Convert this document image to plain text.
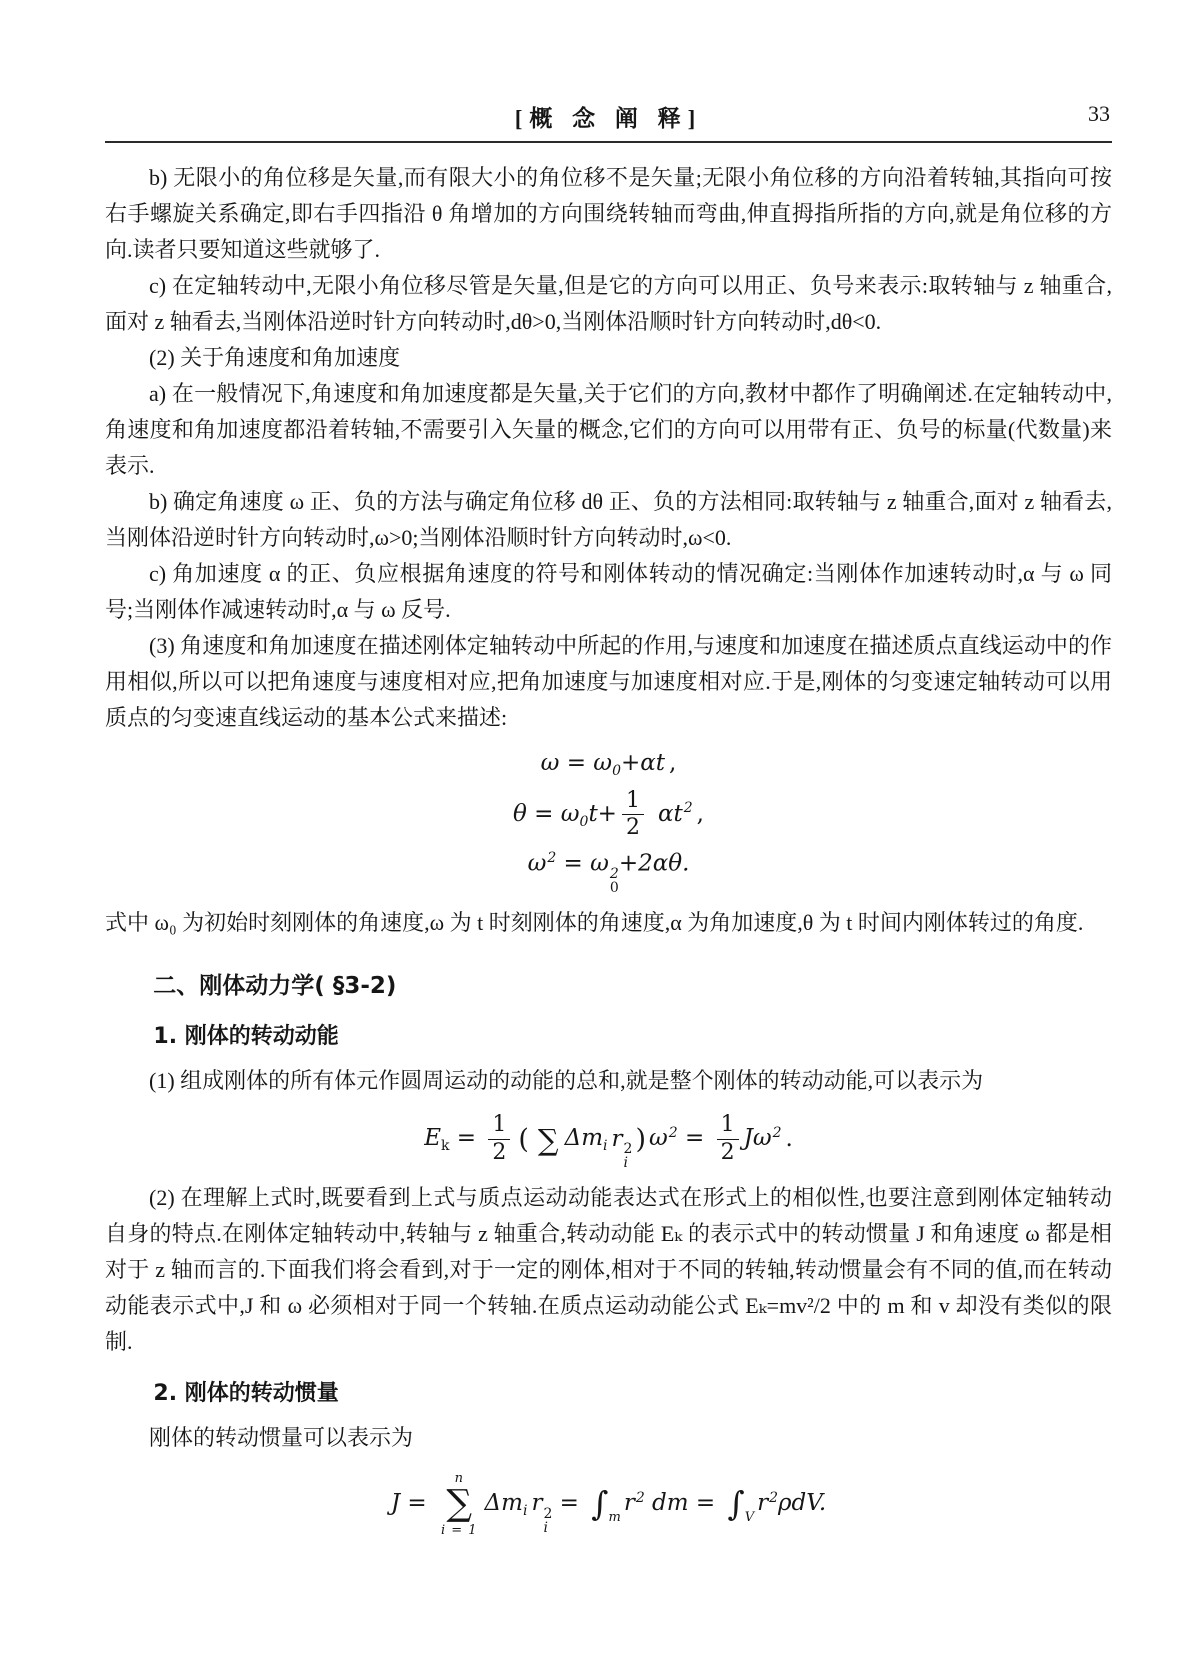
[概 念 阐 释]	33

b) 无限小的角位移是矢量,而有限大小的角位移不是矢量;无限小角位移的方向沿着转轴,其指向可按右手螺旋关系确定,即右手四指沿 θ 角增加的方向围绕转轴而弯曲,伸直拇指所指的方向,就是角位移的方向.读者只要知道这些就够了.

c) 在定轴转动中,无限小角位移尽管是矢量,但是它的方向可以用正、负号来表示:取转轴与 z 轴重合,面对 z 轴看去,当刚体沿逆时针方向转动时,dθ>0,当刚体沿顺时针方向转动时,dθ<0.

(2) 关于角速度和角加速度

a) 在一般情况下,角速度和角加速度都是矢量,关于它们的方向,教材中都作了明确阐述.在定轴转动中,角速度和角加速度都沿着转轴,不需要引入矢量的概念,它们的方向可以用带有正、负号的标量(代数量)来表示.

b) 确定角速度 ω 正、负的方法与确定角位移 dθ 正、负的方法相同:取转轴与 z 轴重合,面对 z 轴看去,当刚体沿逆时针方向转动时,ω>0;当刚体沿顺时针方向转动时,ω<0.

c) 角加速度 α 的正、负应根据角速度的符号和刚体转动的情况确定:当刚体作加速转动时,α 与 ω 同号;当刚体作减速转动时,α 与 ω 反号.

(3) 角速度和角加速度在描述刚体定轴转动中所起的作用,与速度和加速度在描述质点直线运动中的作用相似,所以可以把角速度与速度相对应,把角加速度与加速度相对应.于是,刚体的匀变速定轴转动可以用质点的匀变速直线运动的基本公式来描述:

$\omega = \omega_0+\alpha t$ ,
$\theta = \omega_0t+ \frac{1}{2} \alpha t^2$ ,
$\omega^2 = \omega$ 2
0
+2αθ.

式中 ω₀ 为初始时刻刚体的角速度,ω 为 t 时刻刚体的角速度,α 为角加速度,θ 为 t 时间内刚体转过的角度.

二、刚体动力学( §3-2)
1. 刚体的转动动能

(1) 组成刚体的所有体元作圆周运动的动能的总和,就是整个刚体的转动动能,可以表示为

$E_k = \frac{1}{2}$ ( ∑ $\Delta m_i$ r 2
i
) $\omega^2 = \frac{1}{2} J\omega^2$ .

(2) 在理解上式时,既要看到上式与质点运动动能表达式在形式上的相似性,也要注意到刚体定轴转动自身的特点.在刚体定轴转动中,转轴与 z 轴重合,转动动能 Eₖ 的表示式中的转动惯量 J 和角速度 ω 都是相对于 z 轴而言的.下面我们将会看到,对于一定的刚体,相对于不同的转轴,转动惯量会有不同的值,而在转动动能表示式中,J 和 ω 必须相对于同一个转轴.在质点运动动能公式 Eₖ=mv²/2 中的 m 和 v 却没有类似的限制.

2. 刚体的转动惯量

刚体的转动惯量可以表示为

J =
n
∑
i = 1
$\Delta m_i$ r 2
i
= $\int_mr^2$ dm = $\int_Vr^2\rho dV$.
